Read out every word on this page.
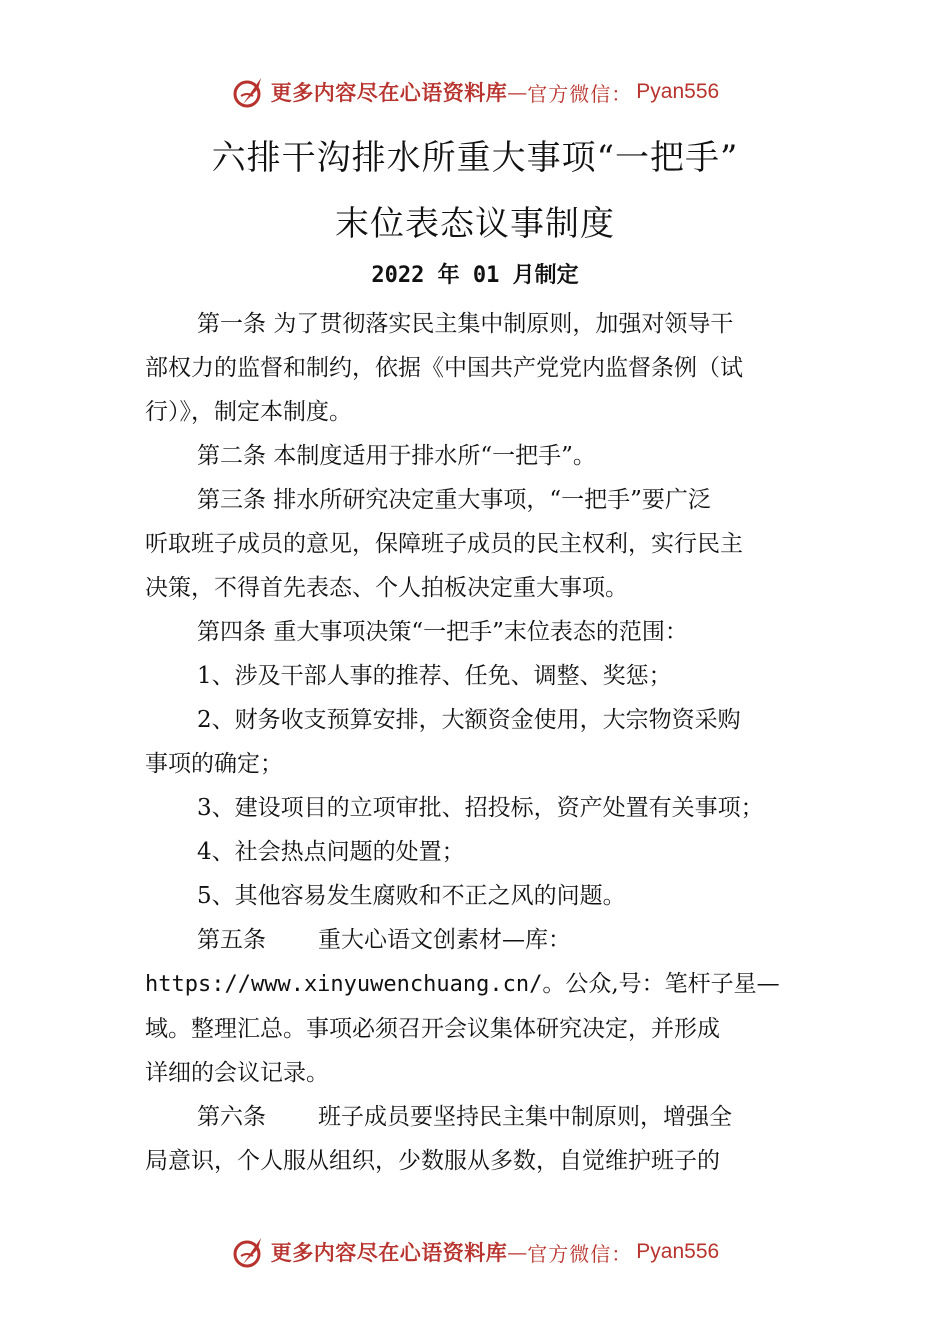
更多内容尽在心语资料库 — 官方微信： Pyan556
六排干沟排水所重大事项“一把手”
末位表态议事制度
2022 年 01 月制定

第一条 为了贯彻落实民主集中制原则，加强对领导干

部权力的监督和制约，依据《中国共产党党内监督条例（试

行）》，制定本制度。

第二条 本制度适用于排水所“一把手”。

第三条 排水所研究决定重大事项，“一把手”要广泛

听取班子成员的意见，保障班子成员的民主权利，实行民主

决策，不得首先表态、个人拍板决定重大事项。

第四条 重大事项决策“一把手”末位表态的范围：

1、涉及干部人事的推荐、任免、调整、奖惩；

2、财务收支预算安排，大额资金使用，大宗物资采购

事项的确定；

3、建设项目的立项审批、招投标，资产处置有关事项；

4、社会热点问题的处置；

5、其他容易发生腐败和不正之风的问题。

第五条 重大心语文创素材—库：

https://www.xinyuwenchuang.cn/。公众,号：笔杆子星—

域。整理汇总。事项必须召开会议集体研究决定，并形成

详细的会议记录。

第六条 班子成员要坚持民主集中制原则，增强全

局意识，个人服从组织，少数服从多数，自觉维护班子的

更多内容尽在心语资料库 — 官方微信： Pyan556
